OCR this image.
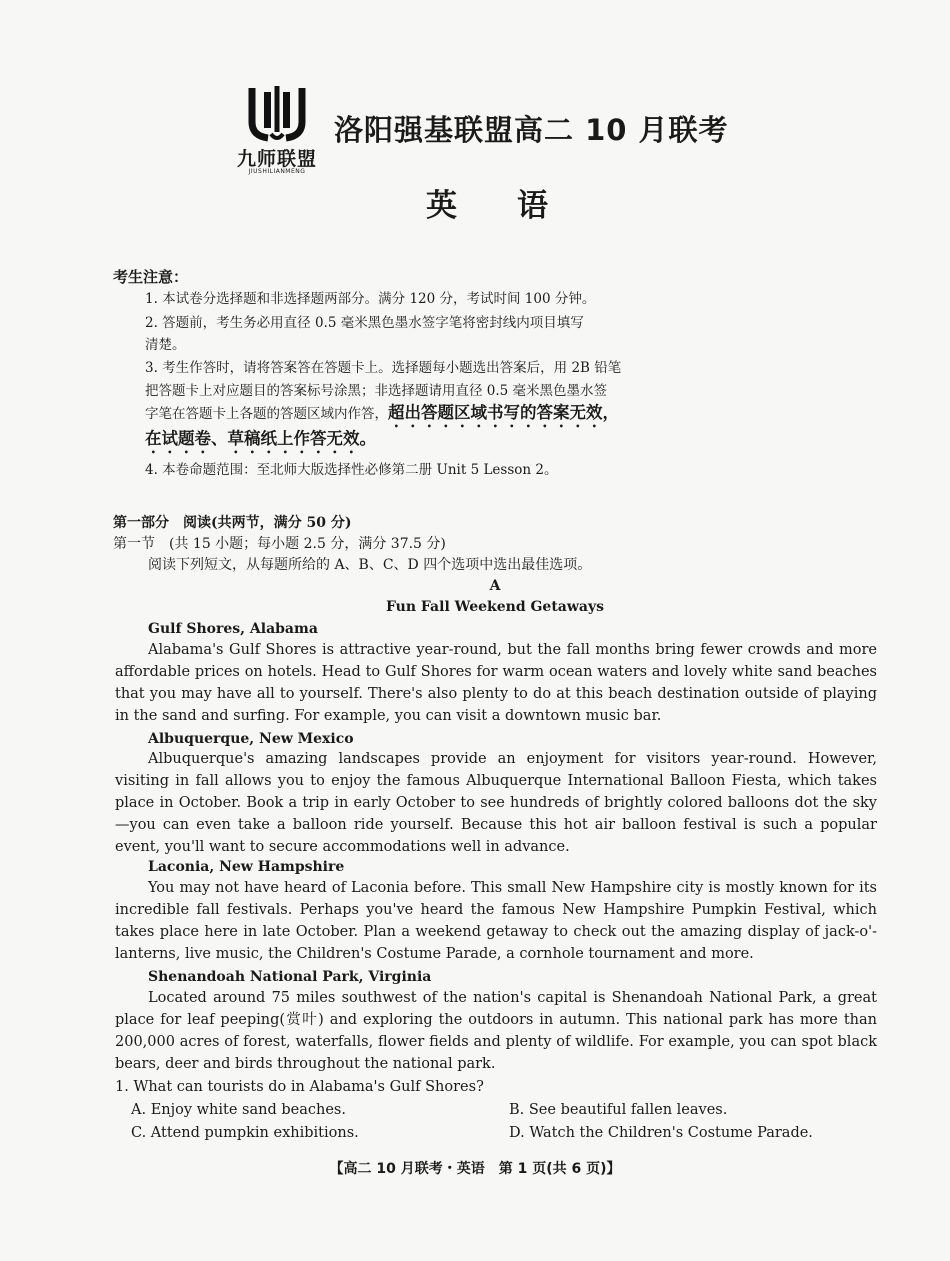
九师联盟
JIUSHILIANMENG
洛阳强基联盟高二 10 月联考
英语
考生注意：
1. 本试卷分选择题和非选择题两部分。满分 120 分，考试时间 100 分钟。
2. 答题前，考生务必用直径 0.5 毫米黑色墨水签字笔将密封线内项目填写
清楚。
3. 考生作答时，请将答案答在答题卡上。选择题每小题选出答案后，用 2B 铅笔
把答题卡上对应题目的答案标号涂黑；非选择题请用直径 0.5 毫米黑色墨水签
字笔在答题卡上各题的答题区域内作答，超出答题区域书写的答案无效，
在试题卷、草稿纸上作答无效。
4. 本卷命题范围：至北师大版选择性必修第二册 Unit 5 Lesson 2。
第一部分　阅读(共两节，满分 50 分)
第一节　(共 15 小题；每小题 2.5 分，满分 37.5 分)
阅读下列短文，从每题所给的 A、B、C、D 四个选项中选出最佳选项。
A
Fun Fall Weekend Getaways
Gulf Shores, Alabama

Alabama's Gulf Shores is attractive year-round, but the fall months bring fewer crowds and more affordable prices on hotels. Head to Gulf Shores for warm ocean waters and lovely white sand beaches that you may have all to yourself. There's also plenty to do at this beach destination outside of playing in the sand and surfing. For example, you can visit a downtown music bar.

Albuquerque, New Mexico

Albuquerque's amazing landscapes provide an enjoyment for visitors year-round. However, visiting in fall allows you to enjoy the famous Albuquerque International Balloon Fiesta, which takes place in October. Book a trip in early October to see hundreds of brightly colored balloons dot the sky—you can even take a balloon ride yourself. Because this hot air balloon festival is such a popular event, you'll want to secure accommodations well in advance.

Laconia, New Hampshire

You may not have heard of Laconia before. This small New Hampshire city is mostly known for its incredible fall festivals. Perhaps you've heard the famous New Hampshire Pumpkin Festival, which takes place here in late October. Plan a weekend getaway to check out the amazing display of jack-o'-lanterns, live music, the Children's Costume Parade, a cornhole tournament and more.

Shenandoah National Park, Virginia

Located around 75 miles southwest of the nation's capital is Shenandoah National Park, a great place for leaf peeping(赏叶) and exploring the outdoors in autumn. This national park has more than 200,000 acres of forest, waterfalls, flower fields and plenty of wildlife. For example, you can spot black bears, deer and birds throughout the national park.

1. What can tourists do in Alabama's Gulf Shores?
A. Enjoy white sand beaches.	B. See beautiful fallen leaves.
C. Attend pumpkin exhibitions.	D. Watch the Children's Costume Parade.
【高二 10 月联考・英语　第 1 页(共 6 页)】
